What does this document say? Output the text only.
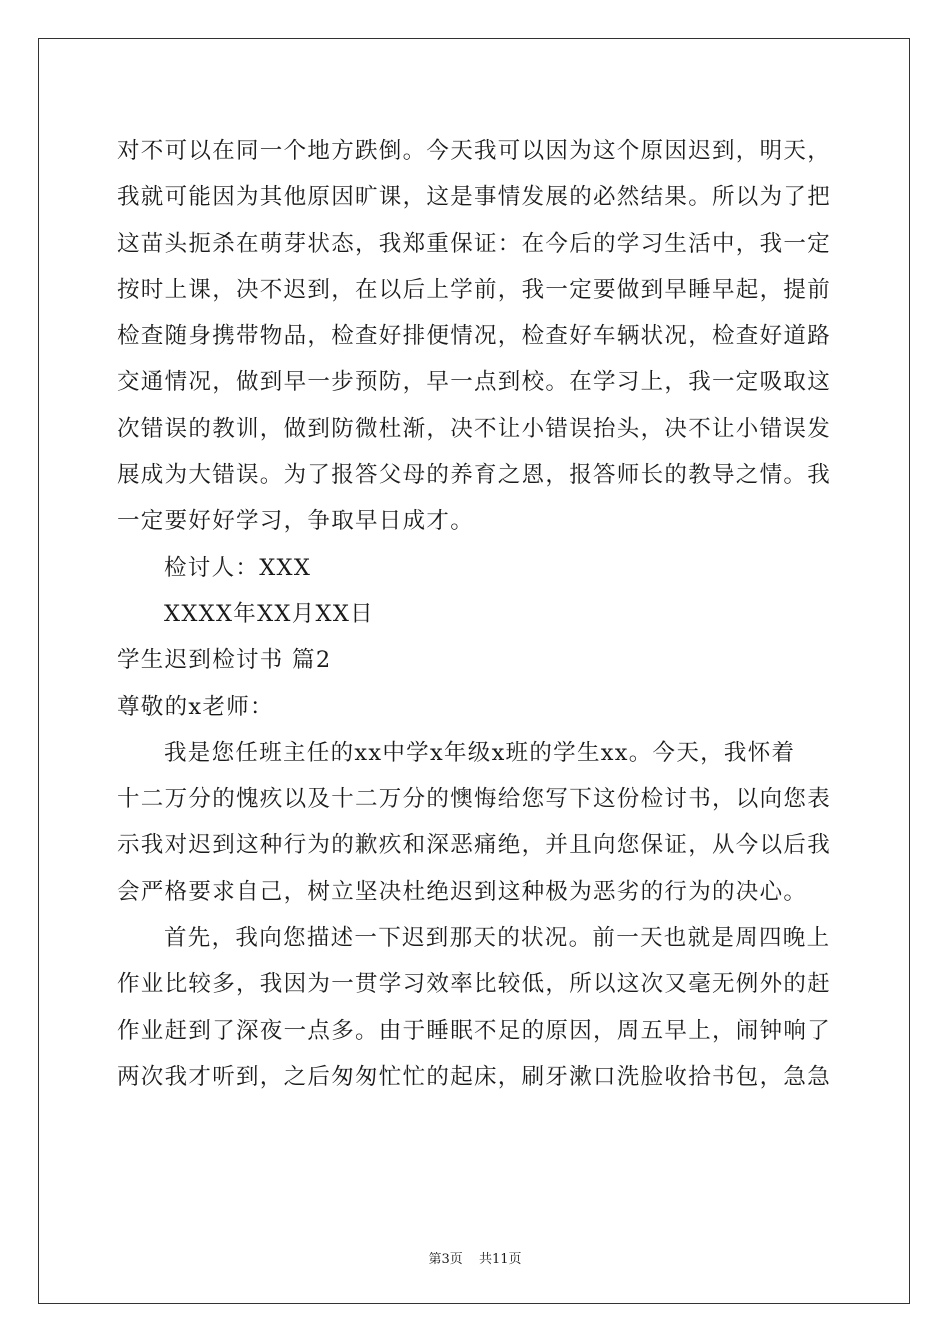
对不可以在同一个地方跌倒。今天我可以因为这个原因迟到，明天，
我就可能因为其他原因旷课，这是事情发展的必然结果。所以为了把
这苗头扼杀在萌芽状态，我郑重保证：在今后的学习生活中，我一定
按时上课，决不迟到，在以后上学前，我一定要做到早睡早起，提前
检查随身携带物品，检查好排便情况，检查好车辆状况，检查好道路
交通情况，做到早一步预防，早一点到校。在学习上，我一定吸取这
次错误的教训，做到防微杜渐，决不让小错误抬头，决不让小错误发
展成为大错误。为了报答父母的养育之恩，报答师长的教导之情。我
一定要好好学习，争取早日成才。
检讨人：XXX
XXXX年XX月XX日
学生迟到检讨书 篇2
尊敬的x老师：
我是您任班主任的xx中学x年级x班的学生xx。今天，我怀着
十二万分的愧疚以及十二万分的懊悔给您写下这份检讨书，以向您表
示我对迟到这种行为的歉疚和深恶痛绝，并且向您保证，从今以后我
会严格要求自己，树立坚决杜绝迟到这种极为恶劣的行为的决心。
首先，我向您描述一下迟到那天的状况。前一天也就是周四晚上
作业比较多，我因为一贯学习效率比较低，所以这次又毫无例外的赶
作业赶到了深夜一点多。由于睡眠不足的原因，周五早上，闹钟响了
两次我才听到，之后匆匆忙忙的起床，刷牙漱口洗脸收拾书包，急急
第3页 共11页
